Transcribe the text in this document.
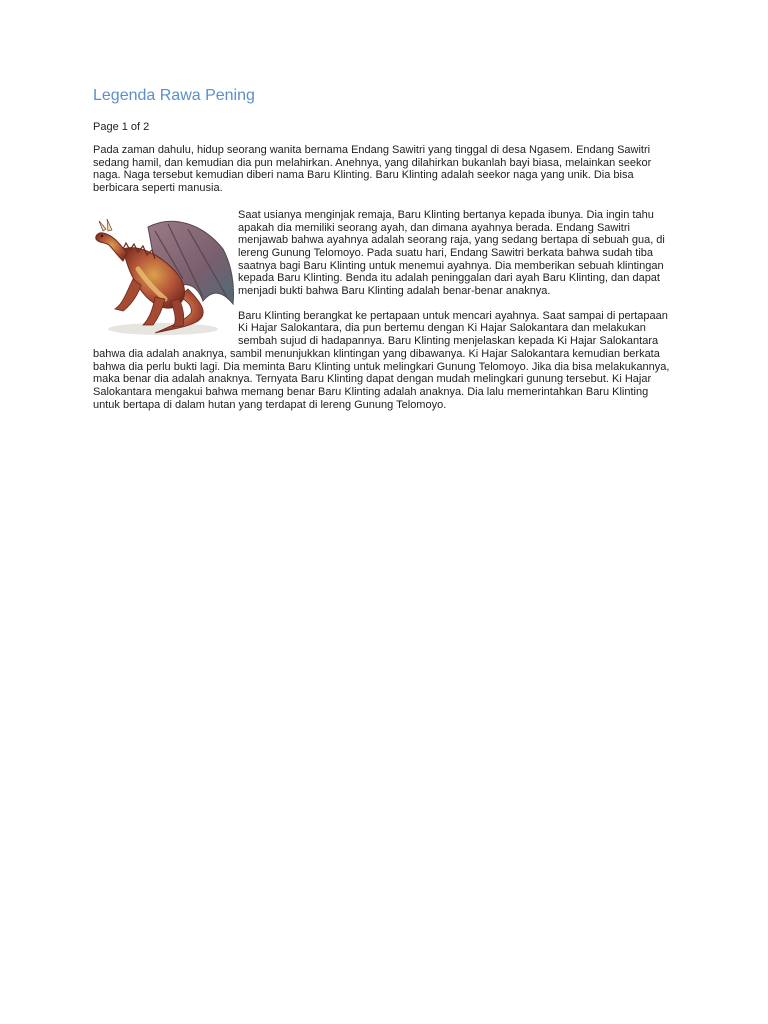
Legenda Rawa Pening
Page 1 of 2

Pada zaman dahulu, hidup seorang wanita bernama Endang Sawitri yang tinggal di desa Ngasem. Endang Sawitri sedang hamil, dan kemudian dia pun melahirkan. Anehnya, yang dilahirkan bukanlah bayi biasa, melainkan seekor naga. Naga tersebut kemudian diberi nama Baru Klinting. Baru Klinting adalah seekor naga yang unik. Dia bisa berbicara seperti manusia.

Saat usianya menginjak remaja, Baru Klinting bertanya kepada ibunya. Dia ingin tahu apakah dia memiliki seorang ayah, dan dimana ayahnya berada. Endang Sawitri menjawab bahwa ayahnya adalah seorang raja, yang sedang bertapa di sebuah gua, di lereng Gunung Telomoyo. Pada suatu hari, Endang Sawitri berkata bahwa sudah tiba saatnya bagi Baru Klinting untuk menemui ayahnya. Dia memberikan sebuah klintingan kepada Baru Klinting. Benda itu adalah peninggalan dari ayah Baru Klinting, dan dapat menjadi bukti bahwa Baru Klinting adalah benar-benar anaknya.

Baru Klinting berangkat ke pertapaan untuk mencari ayahnya. Saat sampai di pertapaan Ki Hajar Salokantara, dia pun bertemu dengan Ki Hajar Salokantara dan melakukan sembah sujud di hadapannya. Baru Klinting menjelaskan kepada Ki Hajar Salokantara bahwa dia adalah anaknya, sambil menunjukkan klintingan yang dibawanya. Ki Hajar Salokantara kemudian berkata bahwa dia perlu bukti lagi. Dia meminta Baru Klinting untuk melingkari Gunung Telomoyo. Jika dia bisa melakukannya, maka benar dia adalah anaknya. Ternyata Baru Klinting dapat dengan mudah melingkari gunung tersebut. Ki Hajar Salokantara mengakui bahwa memang benar Baru Klinting adalah anaknya. Dia lalu memerintahkan Baru Klinting untuk bertapa di dalam hutan yang terdapat di lereng Gunung Telomoyo.
